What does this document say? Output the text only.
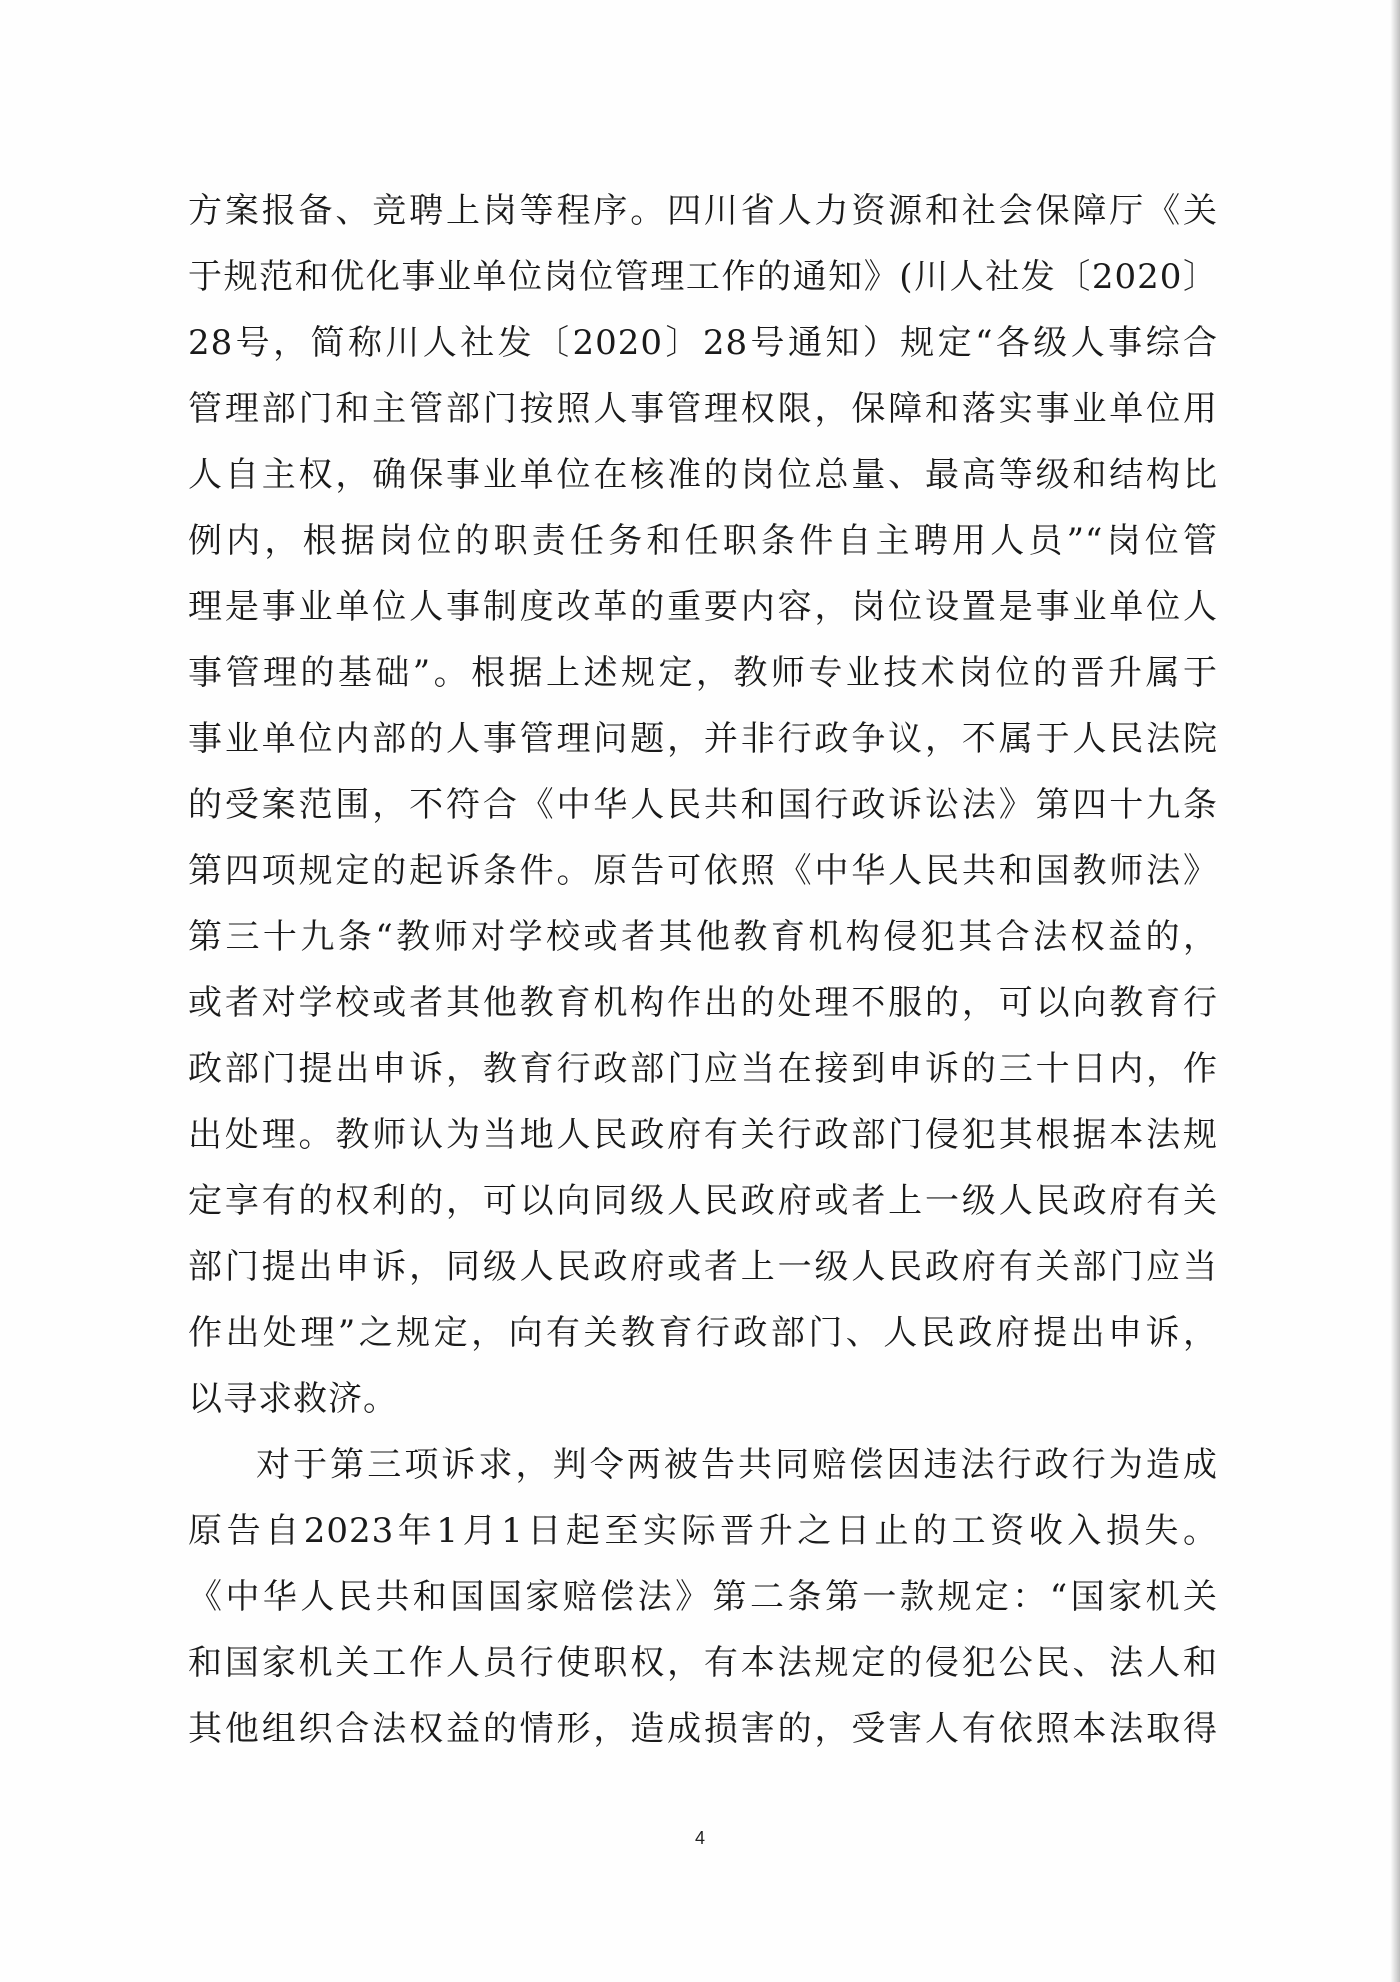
方案报备、竞聘上岗等程序。四川省人力资源和社会保障厅《关
于规范和优化事业单位岗位管理工作的通知》(川人社发〔2020〕
28号，简称川人社发〔2020〕28号通知）规定“各级人事综合
管理部门和主管部门按照人事管理权限，保障和落实事业单位用
人自主权，确保事业单位在核准的岗位总量、最高等级和结构比
例内，根据岗位的职责任务和任职条件自主聘用人员”“岗位管
理是事业单位人事制度改革的重要内容，岗位设置是事业单位人
事管理的基础”。根据上述规定，教师专业技术岗位的晋升属于
事业单位内部的人事管理问题，并非行政争议，不属于人民法院
的受案范围，不符合《中华人民共和国行政诉讼法》第四十九条
第四项规定的起诉条件。原告可依照《中华人民共和国教师法》
第三十九条“教师对学校或者其他教育机构侵犯其合法权益的，
或者对学校或者其他教育机构作出的处理不服的，可以向教育行
政部门提出申诉，教育行政部门应当在接到申诉的三十日内，作
出处理。教师认为当地人民政府有关行政部门侵犯其根据本法规
定享有的权利的，可以向同级人民政府或者上一级人民政府有关
部门提出申诉，同级人民政府或者上一级人民政府有关部门应当
作出处理”之规定，向有关教育行政部门、人民政府提出申诉，
以寻求救济。
对于第三项诉求，判令两被告共同赔偿因违法行政行为造成
原告自2023年1月1日起至实际晋升之日止的工资收入损失。
《中华人民共和国国家赔偿法》第二条第一款规定：“国家机关
和国家机关工作人员行使职权，有本法规定的侵犯公民、法人和
其他组织合法权益的情形，造成损害的，受害人有依照本法取得
4
